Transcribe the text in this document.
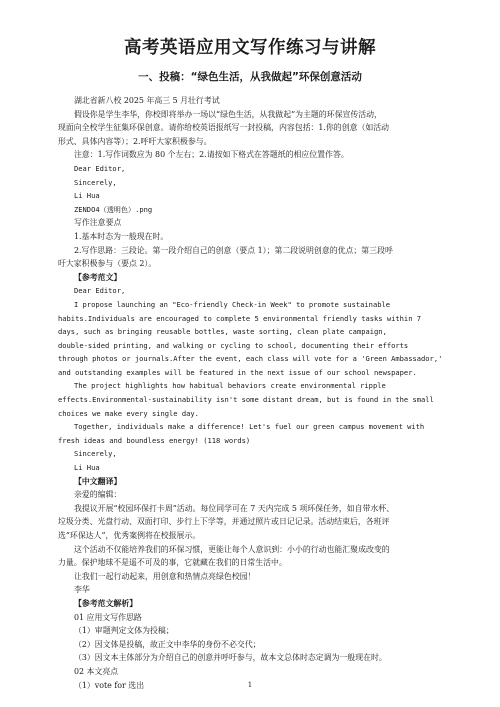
高考英语应用文写作练习与讲解
一、投稿：“绿色生活，从我做起”环保创意活动
湖北省新八校 2025 年高三 5 月壮行考试
假设你是学生李华，你校即将举办一场以“绿色生活，从我做起”为主题的环保宣传活动，
现面向全校学生征集环保创意。请你给校英语报纸写一封投稿，内容包括：1.你的创意（如活动
形式、具体内容等）；2.呼吁大家积极参与。
注意：1.写作词数应为 80 个左右；2.请按如下格式在答题纸的相应位置作答。
Dear Editor,
Sincerely,
Li Hua
ZENDO4（透明色）.png
写作注意要点
1.基本时态为一般现在时。
2.写作思路：三段论。第一段介绍自己的创意（要点 1）；第二段说明创意的优点；第三段呼
吁大家积极参与（要点 2）。
【参考范文】
Dear Editor,
I propose launching an "Eco-friendly Check-in Week" to promote sustainable
habits.Individuals are encouraged to complete 5 environmental friendly tasks within 7
days, such as bringing reusable bottles, waste sorting, clean plate campaign,
double-sided printing, and walking or cycling to school, documenting their efforts
through photos or journals.After the event, each class will vote for a 'Green Ambassador,'
and outstanding examples will be featured in the next issue of our school newspaper.
The project highlights how habitual behaviors create environmental ripple
effects.Environmental-sustainability isn't some distant dream, but is found in the small
choices we make every single day.
Together, individuals make a difference! Let's fuel our green campus movement with
fresh ideas and boundless energy! (118 words)
Sincerely,
Li Hua
【中文翻译】
亲爱的编辑：
我提议开展“校园环保打卡周”活动。每位同学可在 7 天内完成 5 项环保任务，如自带水杯、
垃圾分类、光盘行动、双面打印、步行上下学等，并通过照片或日记记录。活动结束后，各班评
选“环保达人”，优秀案例将在校报展示。
这个活动不仅能培养我们的环保习惯，更能让每个人意识到：小小的行动也能汇聚成改变的
力量。保护地球不是遥不可及的事，它就藏在我们的日常生活中。
让我们一起行动起来，用创意和热情点亮绿色校园！
李华
【参考范文解析】
01 应用文写作思路
（1）审题判定文体为投稿；
（2）因文体是投稿，故正文中李华的身份不必交代；
（3）因文本主体部分为介绍自己的创意并呼吁参与，故本文总体时态定调为一般现在时。
02 本文亮点
（1）vote for 选出	1
